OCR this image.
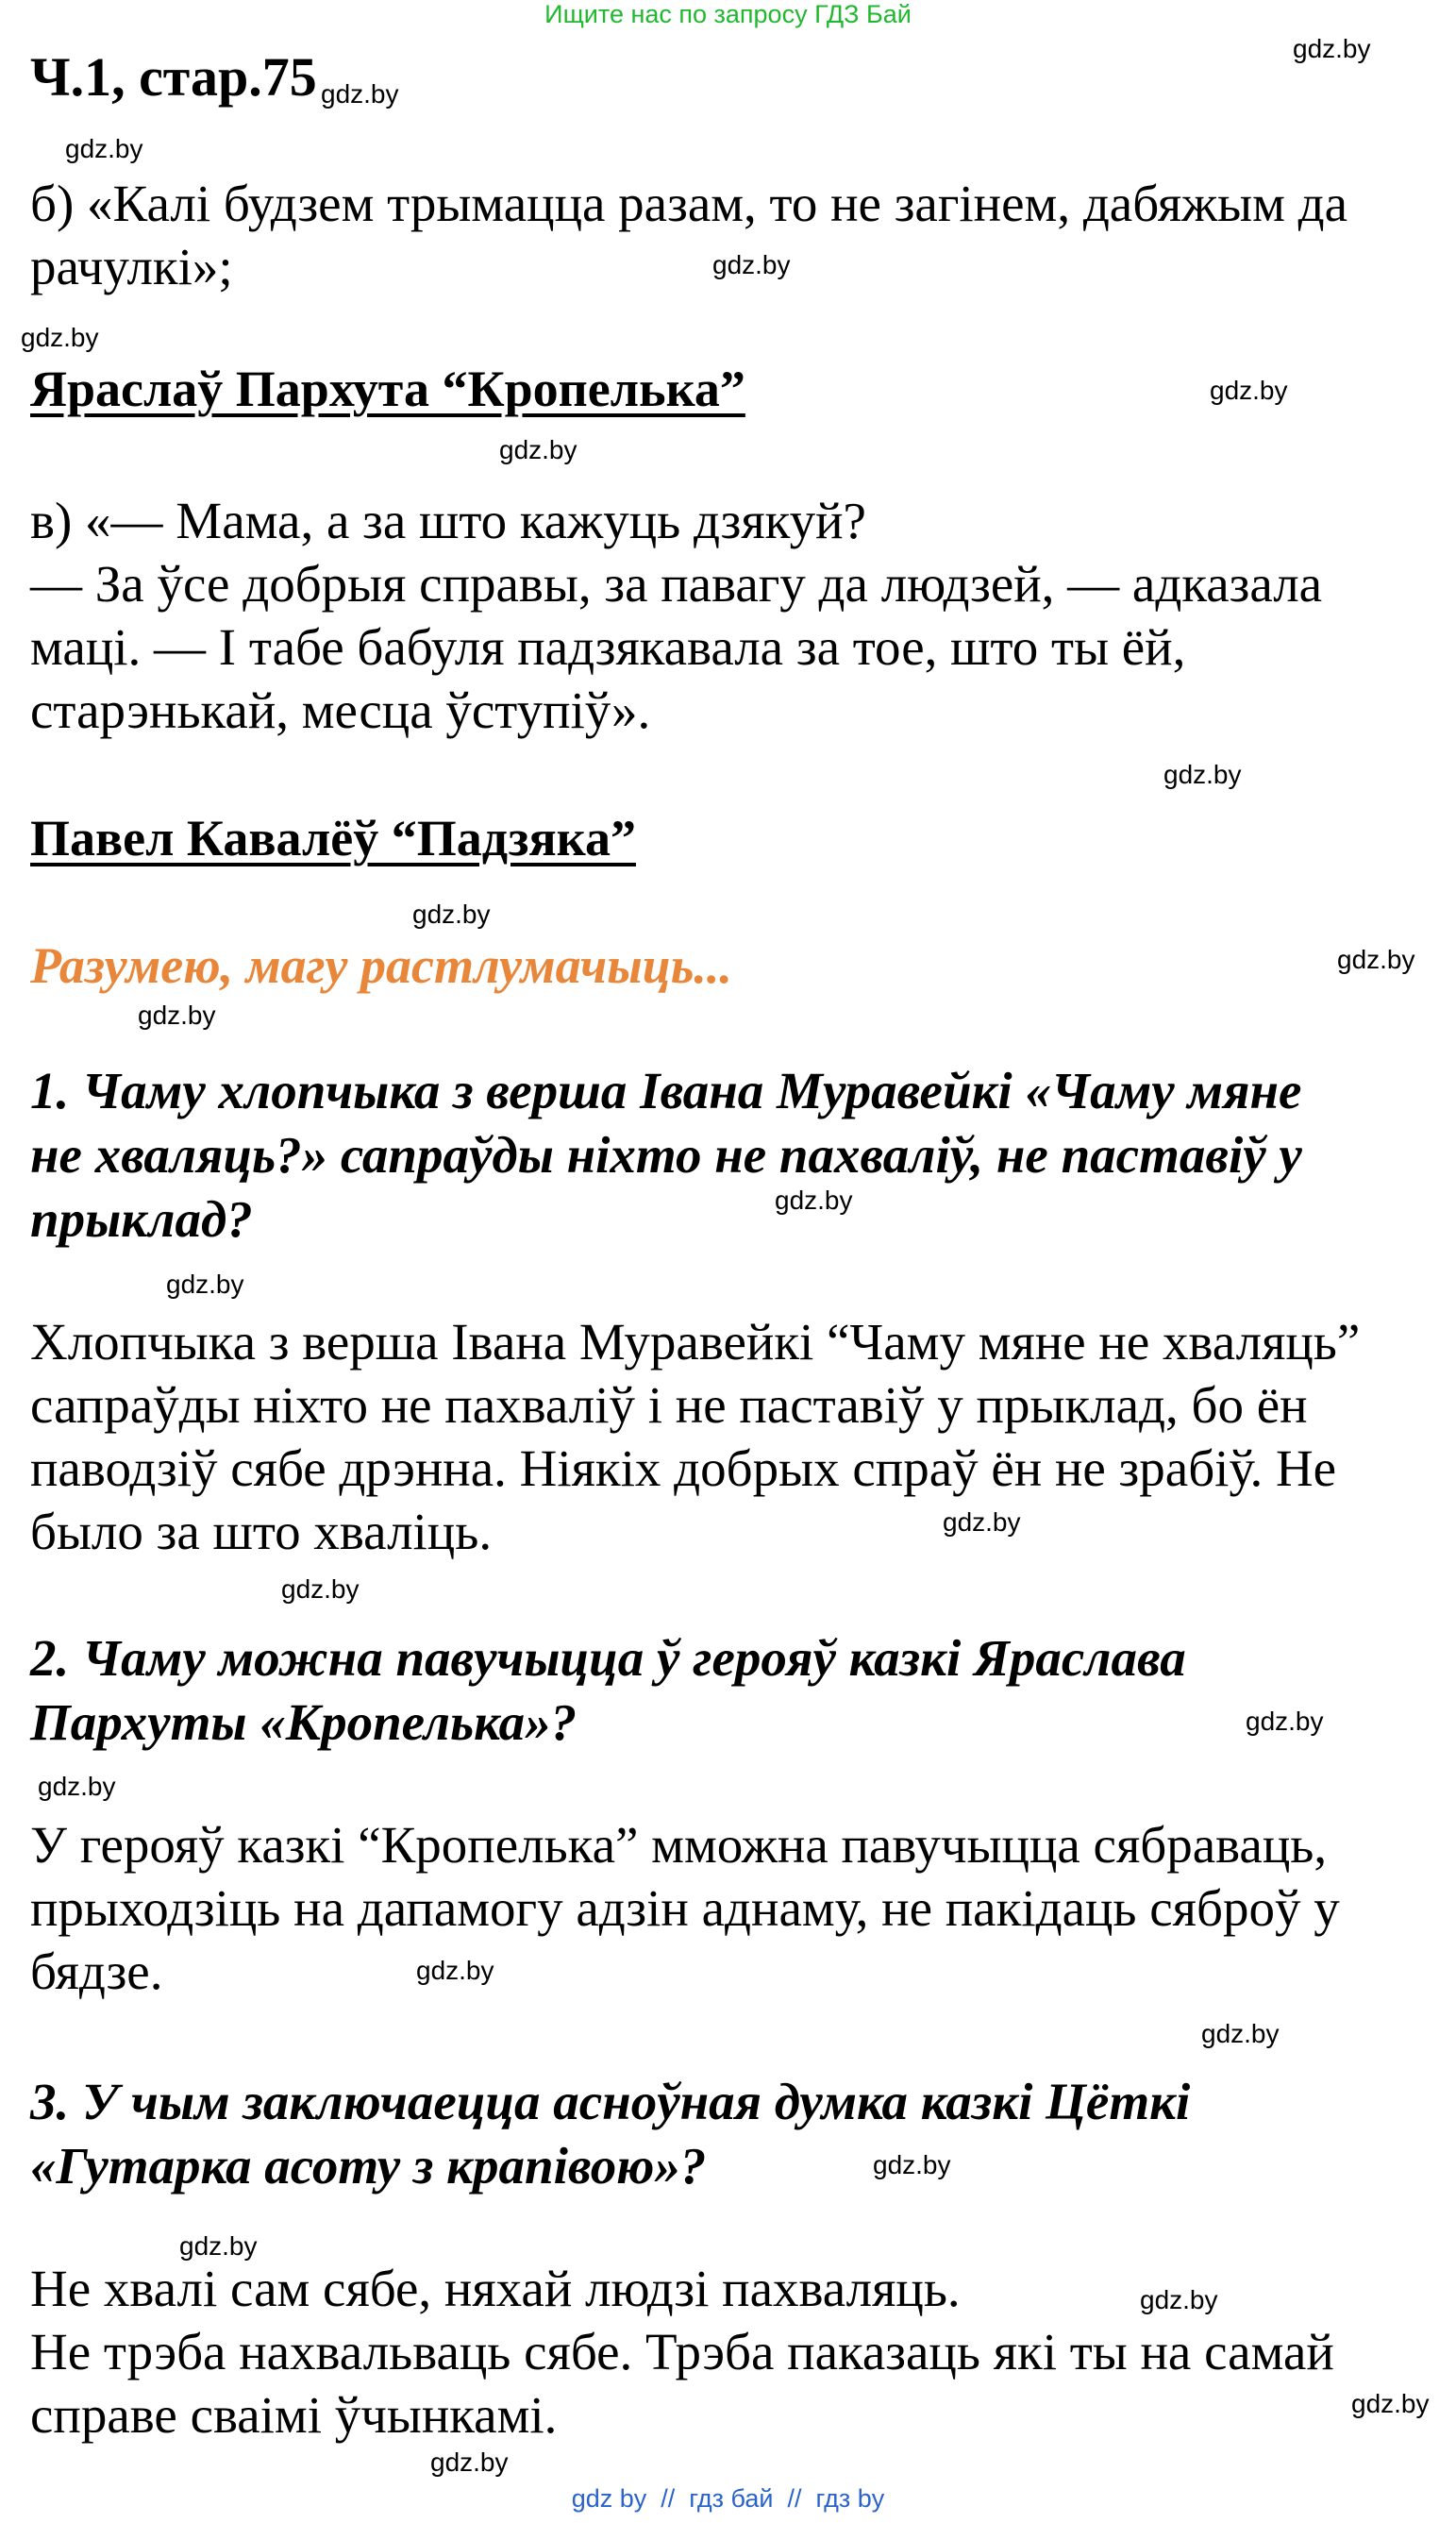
Ищите нас по запросу ГДЗ Бай
Ч.1, стар.75
б) «Калі будзем трымацца разам, то не загінем, дабяжым да
рачулкі»;
Яраслаў Пархута “Кропелька”
в) «— Мама, а за што кажуць дзякуй?
— За ўсе добрыя справы, за павагу да людзей, — адказала
маці. — І табе бабуля падзякавала за тое, што ты ёй,
старэнькай, месца ўступіў».
Павел Кавалёў “Падзяка”
Разумею, магу растлумачыць...
1. Чаму хлопчыка з верша Івана Муравейкі «Чаму мяне
не хваляць?» сапраўды ніхто не пахваліў, не паставіў у
прыклад?
Хлопчыка з верша Івана Муравейкі “Чаму мяне не хваляць”
сапраўды ніхто не пахваліў і не паставіў у прыклад, бо ён
паводзіў сябе дрэнна. Ніякіх добрых спраў ён не зрабіў. Не
было за што хваліць.
2. Чаму можна павучыцца ў герояў казкі Яраслава
Пархуты «Кропелька»?
У герояў казкі “Кропелька” мможна павучыцца сябраваць,
прыходзіць на дапамогу адзін аднаму, не пакідаць сяброў у
бядзе.
3. У чым заключаецца асноўная думка казкі Цёткі
«Гутарка асоту з крапівою»?
Не хвалі сам сябе, няхай людзі пахваляць.
Не трэба нахвальваць сябе. Трэба паказаць які ты на самай
справе сваімі ўчынкамі.
gdz.by
gdz.by
gdz.by
gdz.by
gdz.by
gdz.by
gdz.by
gdz.by
gdz.by
gdz.by
gdz.by
gdz.by
gdz.by
gdz.by
gdz.by
gdz.by
gdz.by
gdz.by
gdz.by
gdz.by
gdz.by
gdz.by
gdz.by
gdz.by
gdz by  //  гдз бай  //  гдз by
